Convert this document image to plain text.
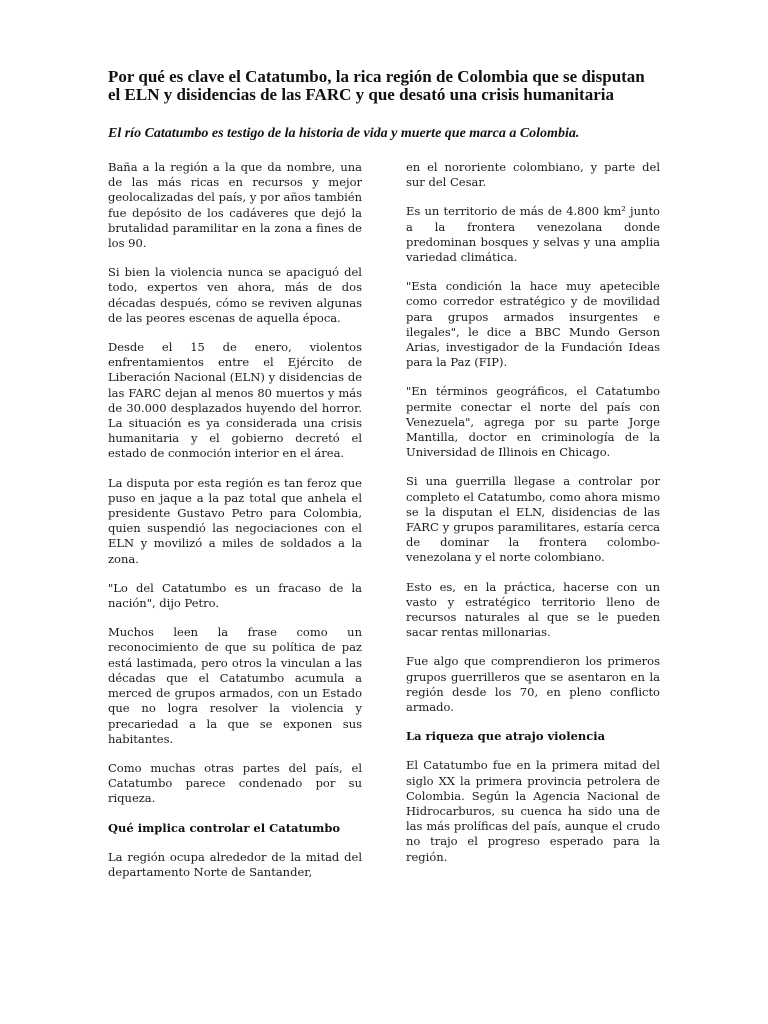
Por qué es clave el Catatumbo, la rica región de Colombia que se disputan el ELN y disidencias de las FARC y que desató una crisis humanitaria
El río Catatumbo es testigo de la historia de vida y muerte que marca a Colombia.

Baña a la región a la que da nombre, una de las más ricas en recursos y mejor geolocalizadas del país, y por años también fue depósito de los cadáveres que dejó la brutalidad paramilitar en la zona a fines de los 90.

Si bien la violencia nunca se apaciguó del todo, expertos ven ahora, más de dos décadas después, cómo se reviven algunas de las peores escenas de aquella época.

Desde el 15 de enero, violentos enfrentamientos entre el Ejército de Liberación Nacional (ELN) y disidencias de las FARC dejan al menos 80 muertos y más de 30.000 desplazados huyendo del horror. La situación es ya considerada una crisis humanitaria y el gobierno decretó el estado de conmoción interior en el área.

La disputa por esta región es tan feroz que puso en jaque a la paz total que anhela el presidente Gustavo Petro para Colombia, quien suspendió las negociaciones con el ELN y movilizó a miles de soldados a la zona.

"Lo del Catatumbo es un fracaso de la nación", dijo Petro.

Muchos leen la frase como un reconocimiento de que su política de paz está lastimada, pero otros la vinculan a las décadas que el Catatumbo acumula a merced de grupos armados, con un Estado que no logra resolver la violencia y precariedad a la que se exponen sus habitantes.

Como muchas otras partes del país, el Catatumbo parece condenado por su riqueza.

Qué implica controlar el Catatumbo

La región ocupa alrededor de la mitad del departamento Norte de Santander,

en el nororiente colombiano, y parte del sur del Cesar.

Es un territorio de más de 4.800 km² junto a la frontera venezolana donde predominan bosques y selvas y una amplia variedad climática.

"Esta condición la hace muy apetecible como corredor estratégico y de movilidad para grupos armados insurgentes e ilegales", le dice a BBC Mundo Gerson Arias, investigador de la Fundación Ideas para la Paz (FIP).

"En términos geográficos, el Catatumbo permite conectar el norte del país con Venezuela", agrega por su parte Jorge Mantilla, doctor en criminología de la Universidad de Illinois en Chicago.

Si una guerrilla llegase a controlar por completo el Catatumbo, como ahora mismo se la disputan el ELN, disidencias de las FARC y grupos paramilitares, estaría cerca de dominar la frontera colombo-venezolana y el norte colombiano.

Esto es, en la práctica, hacerse con un vasto y estratégico territorio lleno de recursos naturales al que se le pueden sacar rentas millonarias.

Fue algo que comprendieron los primeros grupos guerrilleros que se asentaron en la región desde los 70, en pleno conflicto armado.

La riqueza que atrajo violencia

El Catatumbo fue en la primera mitad del siglo XX la primera provincia petrolera de Colombia. Según la Agencia Nacional de Hidrocarburos, su cuenca ha sido una de las más prolíficas del país, aunque el crudo no trajo el progreso esperado para la región.
